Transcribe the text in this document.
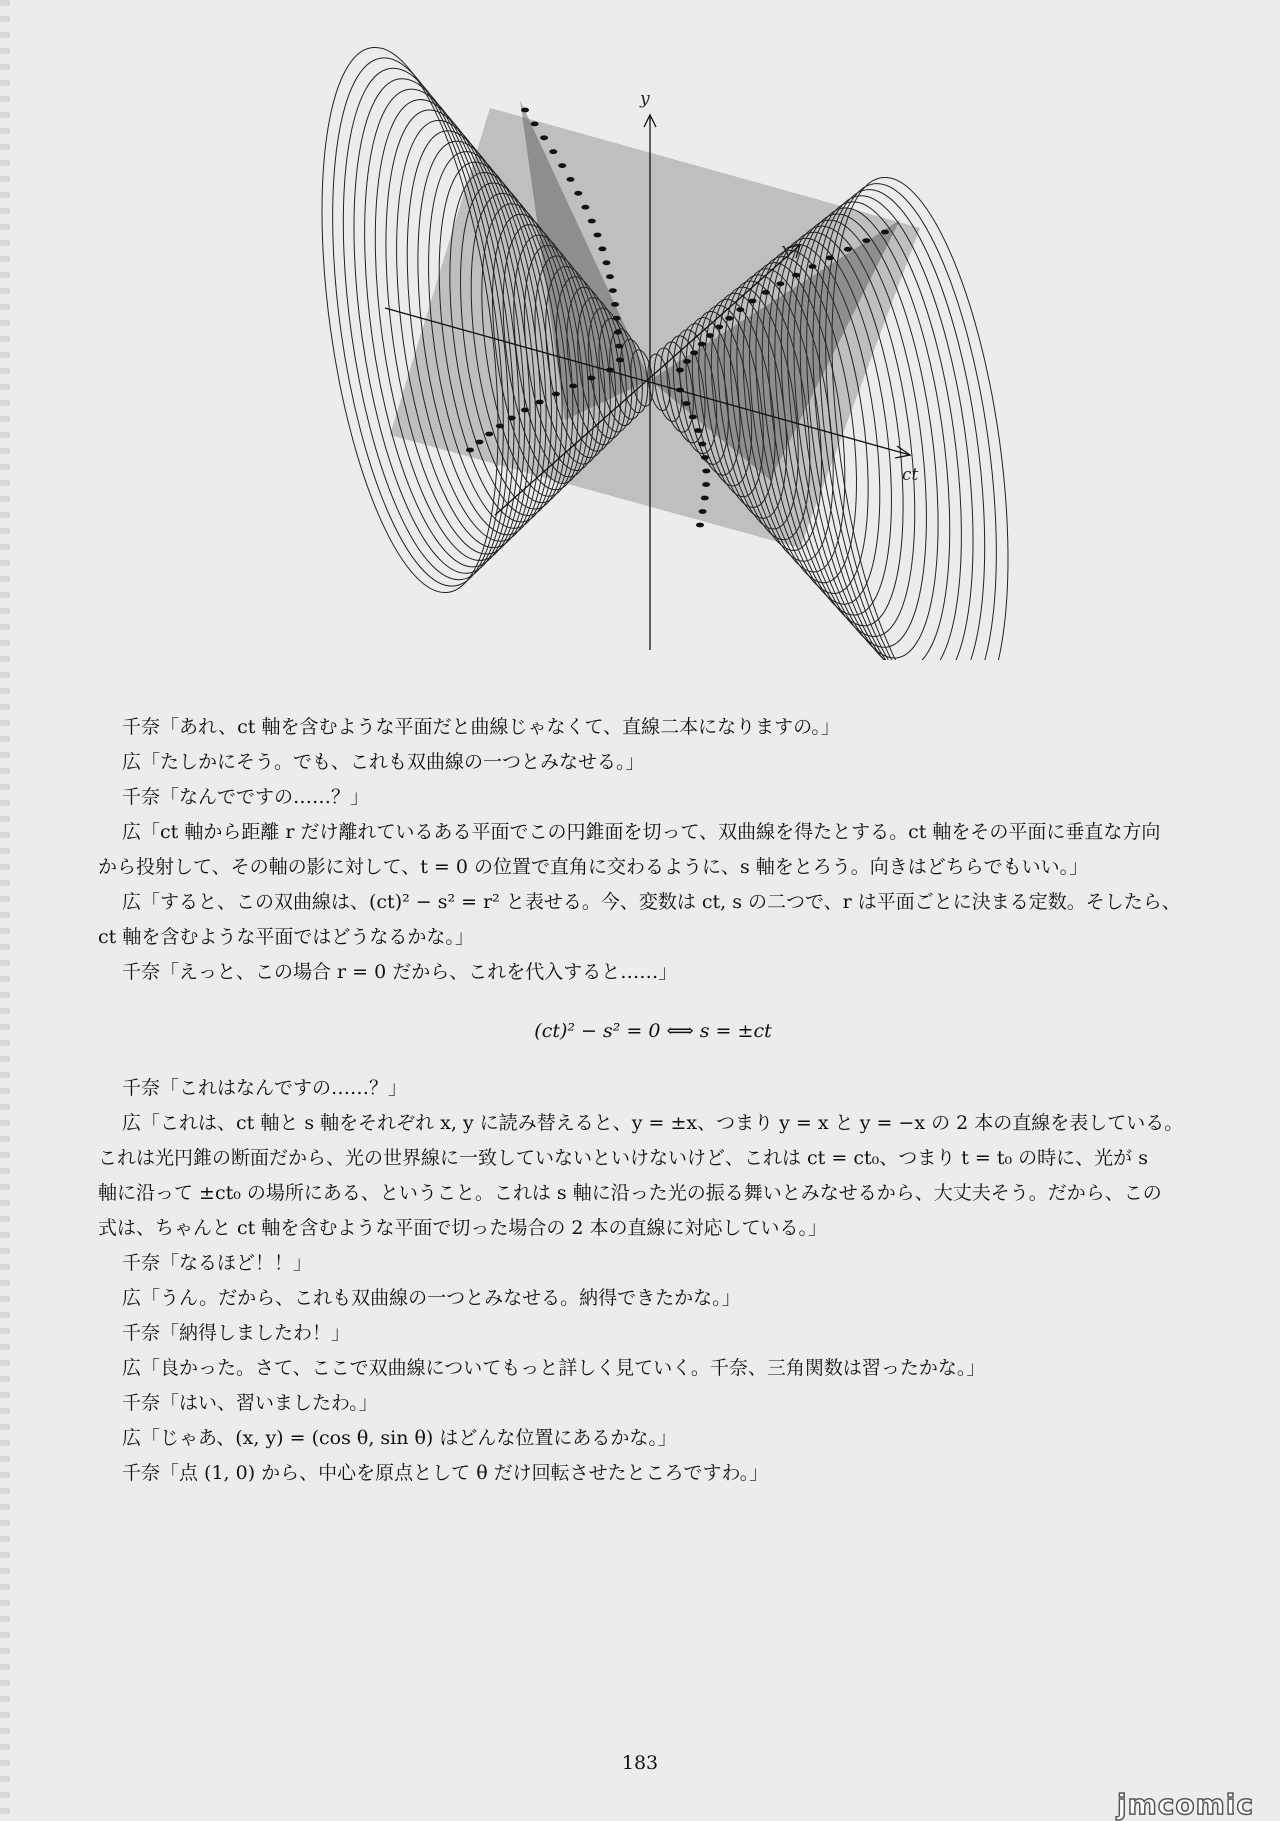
y
x
ct
千奈「あれ、ct 軸を含むような平面だと曲線じゃなくて、直線二本になりますの。」
広「たしかにそう。でも、これも双曲線の一つとみなせる。」
千奈「なんでですの……？」
広「ct 軸から距離 r だけ離れているある平面でこの円錐面を切って、双曲線を得たとする。ct 軸をその平面に垂直な方向
から投射して、その軸の影に対して、t = 0 の位置で直角に交わるように、s 軸をとろう。向きはどちらでもいい。」
広「すると、この双曲線は、(ct)² − s² = r² と表せる。今、変数は ct, s の二つで、r は平面ごとに決まる定数。そしたら、
ct 軸を含むような平面ではどうなるかな。」
千奈「えっと、この場合 r = 0 だから、これを代入すると……」
(ct)² − s² = 0 ⟺ s = ±ct
千奈「これはなんですの……？」
広「これは、ct 軸と s 軸をそれぞれ x, y に読み替えると、y = ±x、つまり y = x と y = −x の 2 本の直線を表している。
これは光円錐の断面だから、光の世界線に一致していないといけないけど、これは ct = ct₀、つまり t = t₀ の時に、光が s
軸に沿って ±ct₀ の場所にある、ということ。これは s 軸に沿った光の振る舞いとみなせるから、大丈夫そう。だから、この
式は、ちゃんと ct 軸を含むような平面で切った場合の 2 本の直線に対応している。」
千奈「なるほど！！」
広「うん。だから、これも双曲線の一つとみなせる。納得できたかな。」
千奈「納得しましたわ！」
広「良かった。さて、ここで双曲線についてもっと詳しく見ていく。千奈、三角関数は習ったかな。」
千奈「はい、習いましたわ。」
広「じゃあ、(x, y) = (cos θ, sin θ) はどんな位置にあるかな。」
千奈「点 (1, 0) から、中心を原点として θ だけ回転させたところですわ。」
183
jmcomic
